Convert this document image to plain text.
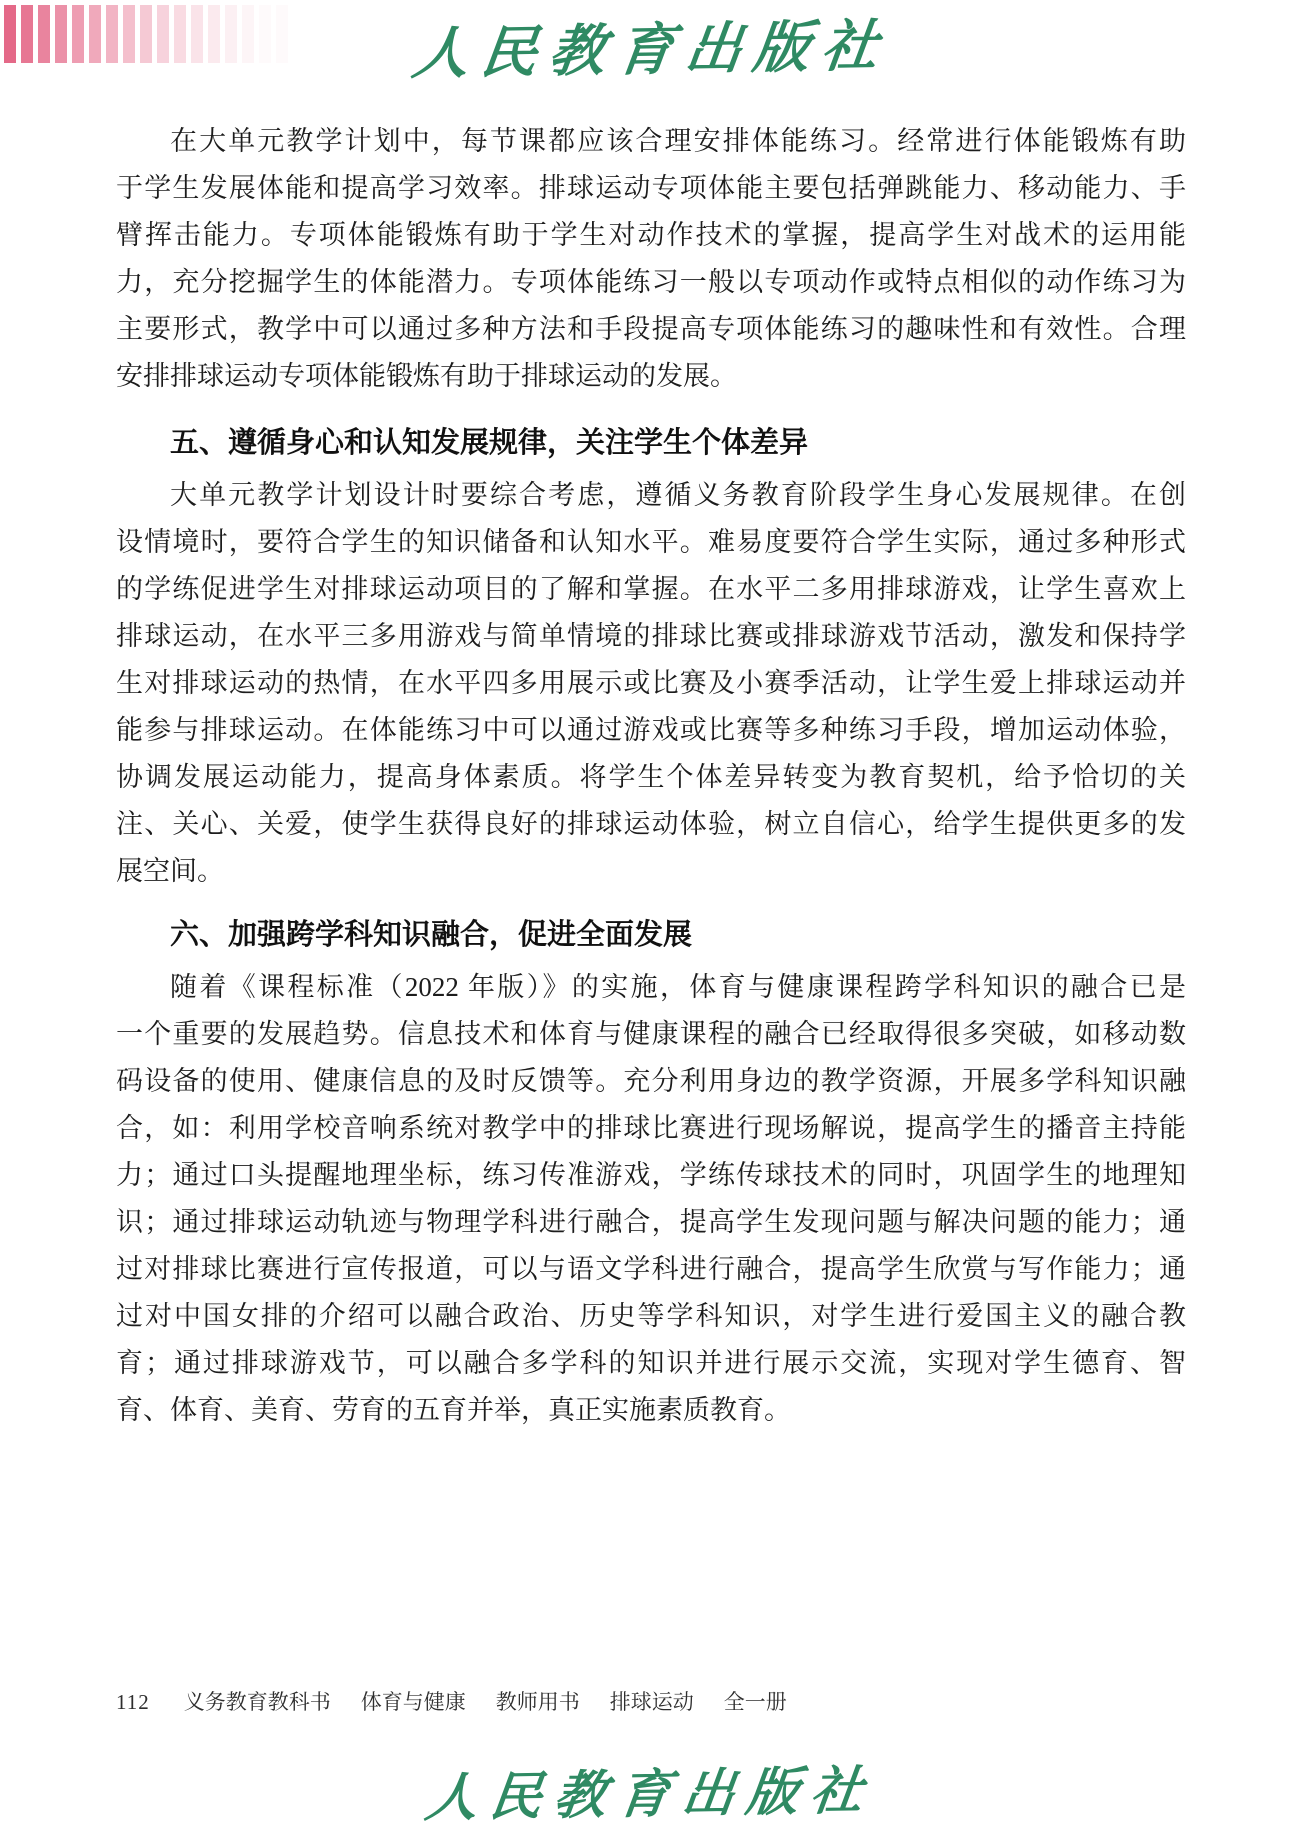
人民教育出版社
在大单元教学计划中，每节课都应该合理安排体能练习。经常进行体能锻炼有助
于学生发展体能和提高学习效率。排球运动专项体能主要包括弹跳能力、移动能力、手
臂挥击能力。专项体能锻炼有助于学生对动作技术的掌握，提高学生对战术的运用能
力，充分挖掘学生的体能潜力。专项体能练习一般以专项动作或特点相似的动作练习为
主要形式，教学中可以通过多种方法和手段提高专项体能练习的趣味性和有效性。合理
安排排球运动专项体能锻炼有助于排球运动的发展。
五、遵循身心和认知发展规律，关注学生个体差异
大单元教学计划设计时要综合考虑，遵循义务教育阶段学生身心发展规律。在创
设情境时，要符合学生的知识储备和认知水平。难易度要符合学生实际，通过多种形式
的学练促进学生对排球运动项目的了解和掌握。在水平二多用排球游戏，让学生喜欢上
排球运动，在水平三多用游戏与简单情境的排球比赛或排球游戏节活动，激发和保持学
生对排球运动的热情，在水平四多用展示或比赛及小赛季活动，让学生爱上排球运动并
能参与排球运动。在体能练习中可以通过游戏或比赛等多种练习手段，增加运动体验，
协调发展运动能力，提高身体素质。将学生个体差异转变为教育契机，给予恰切的关
注、关心、关爱，使学生获得良好的排球运动体验，树立自信心，给学生提供更多的发
展空间。
六、加强跨学科知识融合，促进全面发展
随着《课程标准（2022 年版）》的实施，体育与健康课程跨学科知识的融合已是
一个重要的发展趋势。信息技术和体育与健康课程的融合已经取得很多突破，如移动数
码设备的使用、健康信息的及时反馈等。充分利用身边的教学资源，开展多学科知识融
合，如：利用学校音响系统对教学中的排球比赛进行现场解说，提高学生的播音主持能
力；通过口头提醒地理坐标，练习传准游戏，学练传球技术的同时，巩固学生的地理知
识；通过排球运动轨迹与物理学科进行融合，提高学生发现问题与解决问题的能力；通
过对排球比赛进行宣传报道，可以与语文学科进行融合，提高学生欣赏与写作能力；通
过对中国女排的介绍可以融合政治、历史等学科知识，对学生进行爱国主义的融合教
育；通过排球游戏节，可以融合多学科的知识并进行展示交流，实现对学生德育、智
育、体育、美育、劳育的五育并举，真正实施素质教育。
112 义务教育教科书 体育与健康 教师用书 排球运动 全一册
人民教育出版社
